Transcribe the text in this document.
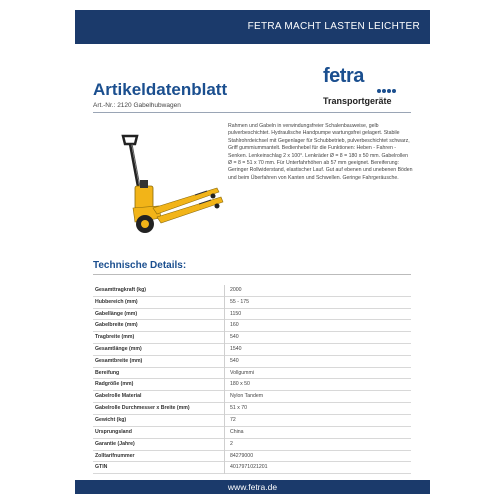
FETRA MACHT LASTEN LEICHTER
Artikeldatenblatt
Art.-Nr.: 2120 Gabelhubwagen
fetra
Transportgeräte
Rahmen und Gabeln in verwindungsfreier Schalenbauweise, gelb pulverbeschichtet. Hydraulische Handpumpe wartungsfrei gelagert. Stabile Stahlrohrdeichsel mit Gegenlager für Schubbetrieb, pulverbeschichtet schwarz, Griff gummiummantelt. Bedienhebel für die Funktionen: Heben - Fahren - Senken. Lenkeinschlag 2 x 100°. Lenkräder Ø = 8 = 180 x 50 mm. Gabelrollen Ø = 8 = 51 x 70 mm. Für Unterfahrhöhen ab 57 mm geeignet. Bereiferung: Geringer Rollwiderstand, elastischer Lauf. Gut auf ebenen und unebenen Böden und beim Überfahren von Kanten und Schwellen. Geringe Fahrgeräusche.
Technische Details:
Gesamttragkraft (kg)	2000
Hubbereich (mm)	55 - 175
Gabellänge (mm)	1150
Gabelbreite (mm)	160
Tragbreite (mm)	540
Gesamtlänge (mm)	1540
Gesamtbreite (mm)	540
Bereifung	Vollgummi
Radgröße (mm)	180 x 50
Gabelrolle Material	Nylon Tandem
Gabelrolle Durchmesser x Breite (mm)	51 x 70
Gewicht (kg)	72
Ursprungsland	China
Garantie (Jahre)	2
Zolltarifnummer	84279000
GTIN	4017971021201
www.fetra.de
